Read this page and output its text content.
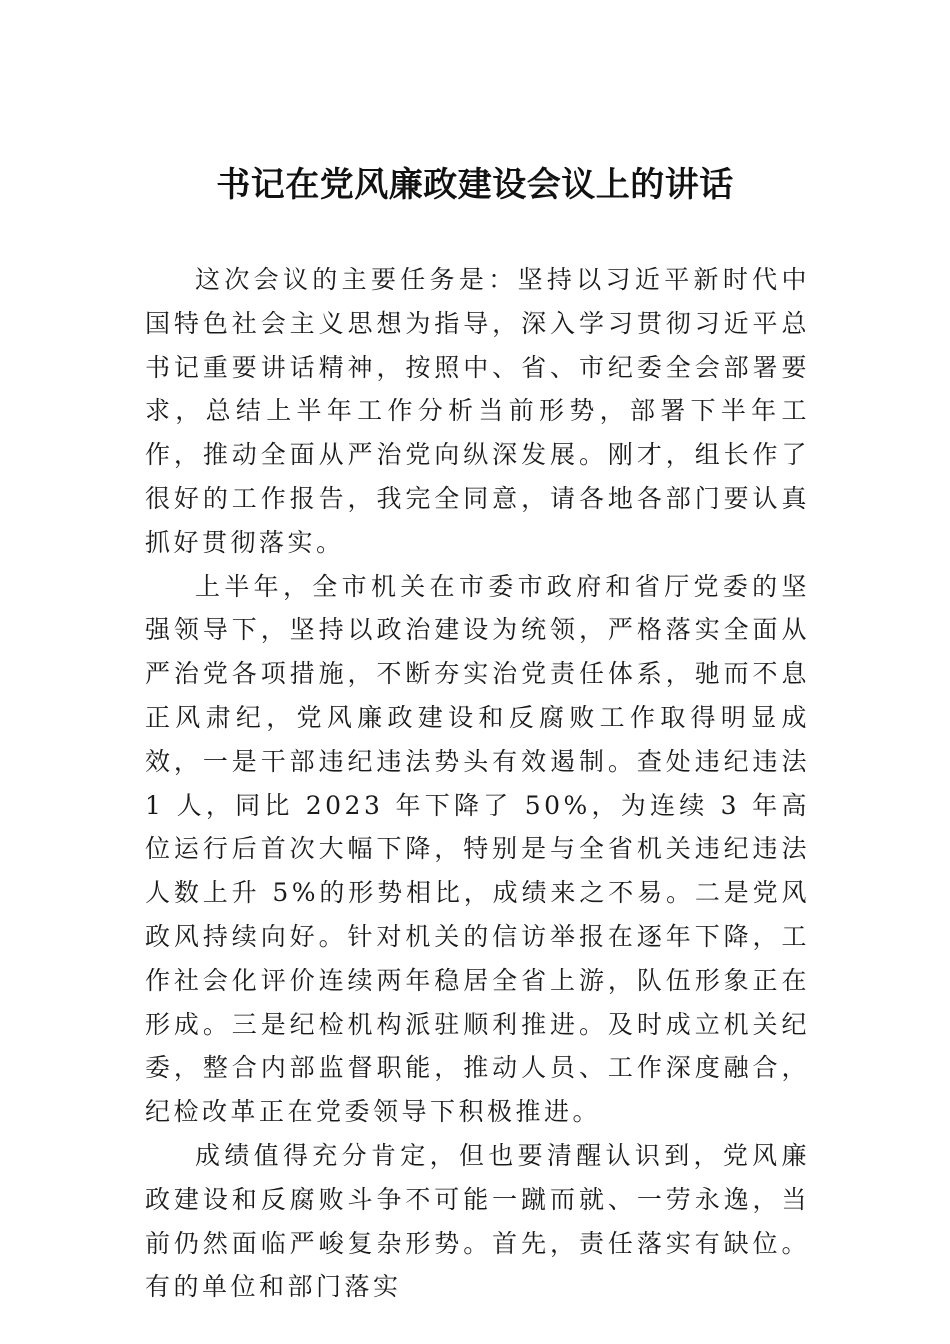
书记在党风廉政建设会议上的讲话

这次会议的主要任务是：坚持以习近平新时代中国特色社会主义思想为指导，深入学习贯彻习近平总书记重要讲话精神，按照中、省、市纪委全会部署要求，总结上半年工作分析当前形势，部署下半年工作，推动全面从严治党向纵深发展。刚才，组长作了很好的工作报告，我完全同意，请各地各部门要认真抓好贯彻落实。

上半年，全市机关在市委市政府和省厅党委的坚强领导下，坚持以政治建设为统领，严格落实全面从严治党各项措施，不断夯实治党责任体系，驰而不息正风肃纪，党风廉政建设和反腐败工作取得明显成效，一是干部违纪违法势头有效遏制。查处违纪违法 1 人，同比 2023 年下降了 50%，为连续 3 年高位运行后首次大幅下降，特别是与全省机关违纪违法人数上升 5%的形势相比，成绩来之不易。二是党风政风持续向好。针对机关的信访举报在逐年下降，工作社会化评价连续两年稳居全省上游，队伍形象正在形成。三是纪检机构派驻顺利推进。及时成立机关纪委，整合内部监督职能，推动人员、工作深度融合，纪检改革正在党委领导下积极推进。

成绩值得充分肯定，但也要清醒认识到，党风廉政建设和反腐败斗争不可能一蹴而就、一劳永逸，当前仍然面临严峻复杂形势。首先，责任落实有缺位。有的单位和部门落实
